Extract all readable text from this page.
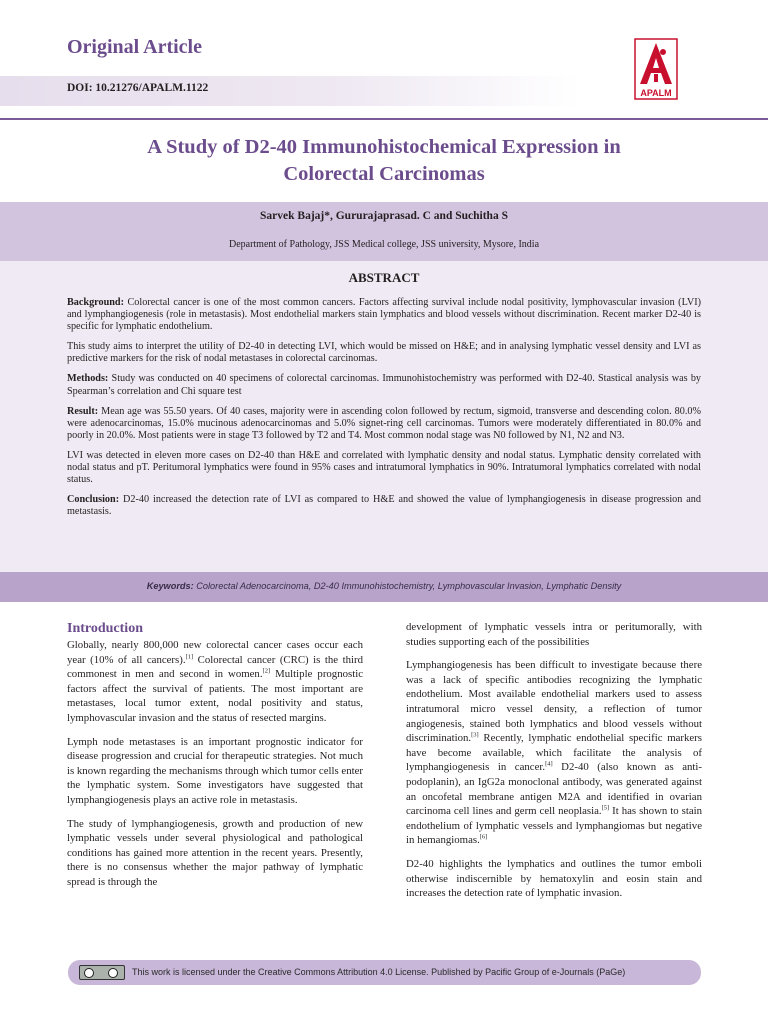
Original Article
DOI: 10.21276/APALM.1122	APALM
A Study of D2-40 Immunohistochemical Expression in
Colorectal Carcinomas
Sarvek Bajaj*, Gururajaprasad. C and Suchitha S
Department of Pathology, JSS Medical college, JSS university, Mysore, India
ABSTRACT

Background: Colorectal cancer is one of the most common cancers. Factors affecting survival include nodal positivity, lymphovascular invasion (LVI) and lymphangiogenesis (role in metastasis). Most endothelial markers stain lymphatics and blood vessels without discrimination. Recent marker D2-40 is specific for lymphatic endothelium.

This study aims to interpret the utility of D2-40 in detecting LVI, which would be missed on H&E; and in analysing lymphatic vessel density and LVI as predictive markers for the risk of nodal metastases in colorectal carcinomas.

Methods: Study was conducted on 40 specimens of colorectal carcinomas. Immunohistochemistry was performed with D2-40. Stastical analysis was by Spearman’s correlation and Chi square test

Result: Mean age was 55.50 years. Of 40 cases, majority were in ascending colon followed by rectum, sigmoid, transverse and descending colon. 80.0% were adenocarcinomas, 15.0% mucinous adenocarcinomas and 5.0% signet-ring cell carcinomas. Tumors were moderately differentiated in 80.0% and poorly in 20.0%. Most patients were in stage T3 followed by T2 and T4. Most common nodal stage was N0 followed by N1, N2 and N3.

LVI was detected in eleven more cases on D2-40 than H&E and correlated with lymphatic density and nodal status. Lymphatic density correlated with nodal status and pT. Peritumoral lymphatics were found in 95% cases and intratumoral lymphatics in 90%. Intratumoral lymphatics correlated with nodal status.

Conclusion: D2-40 increased the detection rate of LVI as compared to H&E and showed the value of lymphangiogenesis in disease progression and metastasis.

Keywords: Colorectal Adenocarcinoma, D2-40 Immunohistochemistry, Lymphovascular Invasion, Lymphatic Density
Introduction

Globally, nearly 800,000 new colorectal cancer cases occur each year (10% of all cancers).[1] Colorectal cancer (CRC) is the third commonest in men and second in women.[2] Multiple prognostic factors affect the survival of patients. The most important are metastases, local tumor extent, nodal positivity and status, lymphovascular invasion and the status of resected margins.

Lymph node metastases is an important prognostic indicator for disease progression and crucial for therapeutic strategies. Not much is known regarding the mechanisms through which tumor cells enter the lymphatic system. Some investigators have suggested that lymphangiogenesis plays an active role in metastasis.

The study of lymphangiogenesis, growth and production of new lymphatic vessels under several physiological and pathological conditions has gained more attention in the recent years. Presently, there is no consensus whether the major pathway of lymphatic spread is through the

development of lymphatic vessels intra or peritumorally, with studies supporting each of the possibilities

Lymphangiogenesis has been difficult to investigate because there was a lack of specific antibodies recognizing the lymphatic endothelium. Most available endothelial markers used to assess intratumoral micro vessel density, a reflection of tumor angiogenesis, stained both lymphatics and blood vessels without discrimination.[3] Recently, lymphatic endothelial specific markers have become available, which facilitate the analysis of lymphangiogenesis in cancer.[4] D2-40 (also known as anti-podoplanin), an IgG2a monoclonal antibody, was generated against an oncofetal membrane antigen M2A and identified in ovarian carcinoma cell lines and germ cell neoplasia.[5] It has shown to stain endothelium of lymphatic vessels and lymphangiomas but negative in hemangiomas.[6]

D2-40 highlights the lymphatics and outlines the tumor emboli otherwise indiscernible by hematoxylin and eosin stain and increases the detection rate of lymphatic invasion.

This work is licensed under the Creative Commons Attribution 4.0 License. Published by Pacific Group of e-Journals (PaGe)
